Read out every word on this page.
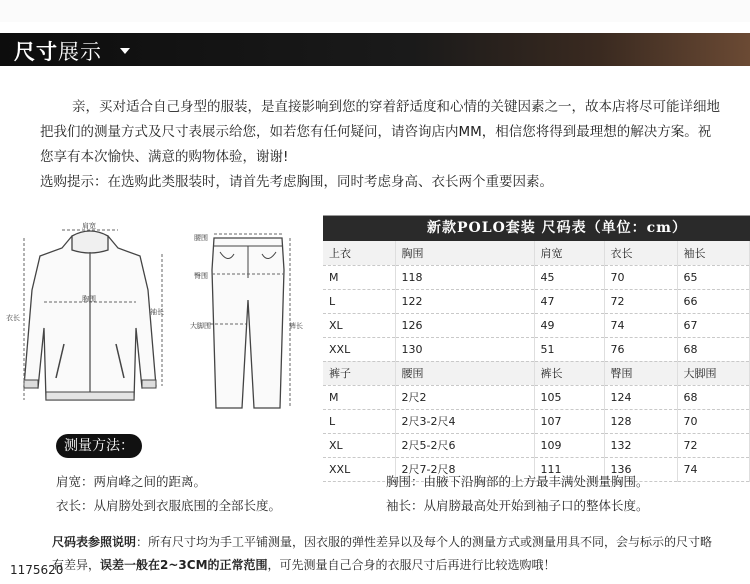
尺寸展示

亲，买对适合自己身型的服装，是直接影响到您的穿着舒适度和心情的关键因素之一，故本店将尽可能详细地把我们的测量方式及尺寸表展示给您，如若您有任何疑问，请咨询店内MM，相信您将得到最理想的解决方案。祝您享有本次愉快、满意的购物体验，谢谢!

选购提示：在选购此类服装时，请首先考虑胸围，同时考虑身高、衣长两个重要因素。
肩宽
胸围
衣长
袖长
腰围
臀围
大脚围	裤长
新款POLO套装 尺码表（单位：cm）
上衣	胸围	肩宽	衣长	袖长
M	118	45	70	65
L	122	47	72	66
XL	126	49	74	67
XXL	130	51	76	68
裤子	腰围	裤长	臀围	大脚围
M	2尺2	105	124	68
L	2尺3-2尺4	107	128	70
XL	2尺5-2尺6	109	132	72
XXL	2尺7-2尺8	111	136	74
测量方法：
肩宽：两肩峰之间的距离。
衣长：从肩膀处到衣服底围的全部长度。
胸围：由腋下沿胸部的上方最丰满处测量胸围。
袖长：从肩膀最高处开始到袖子口的整体长度。
尺码表参照说明：所有尺寸均为手工平铺测量，因衣服的弹性差异以及每个人的测量方式或测量用具不同，会与标示的尺寸略有差异，误差一般在2~3CM的正常范围，可先测量自己合身的衣服尺寸后再进行比较选购哦！
1175620
